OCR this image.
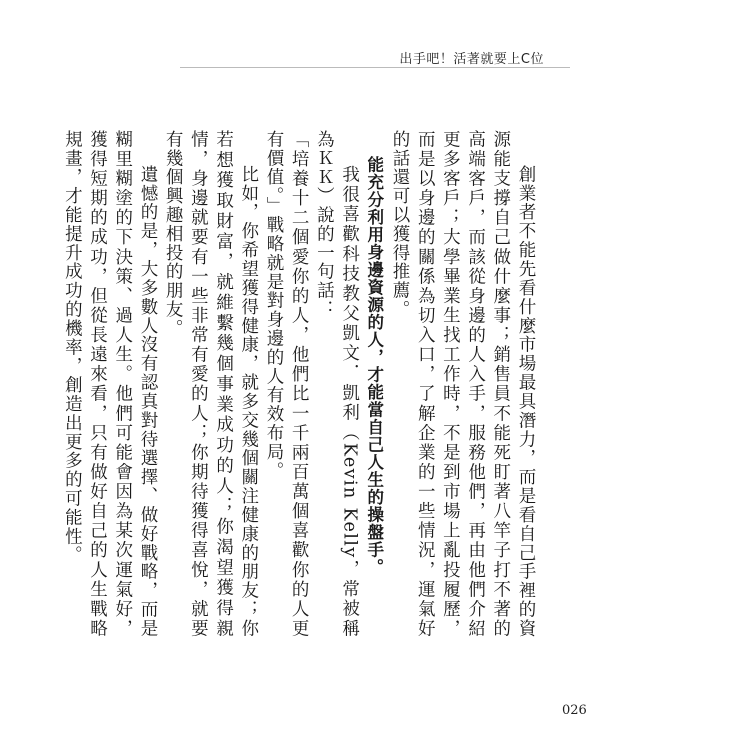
出手吧！活著就要上C位

創業者不能先看什麼市場最具潛力，而是看自己手裡的資源能支撐自己做什麼事；銷售員不能死盯著八竿子打不著的高端客戶，而該從身邊的人入手，服務他們，再由他們介紹更多客戶；大學畢業生找工作時，不是到市場上亂投履歷，而是以身邊的關係為切入口，了解企業的一些情況，運氣好的話還可以獲得推薦。

能充分利用身邊資源的人，才能當自己人生的操盤手。

我很喜歡科技教父凱文．凱利（Kevin Kelly，常被稱為ＫＫ）說的一句話：

「培養十二個愛你的人，他們比一千兩百萬個喜歡你的人更有價值。」戰略就是對身邊的人有效布局。

比如，你希望獲得健康，就多交幾個關注健康的朋友；你若想獲取財富，就維繫幾個事業成功的人；你渴望獲得親情，身邊就要有一些非常有愛的人；你期待獲得喜悅，就要有幾個興趣相投的朋友。

遺憾的是，大多數人沒有認真對待選擇、做好戰略，而是糊里糊塗的下決策、過人生。他們可能會因為某次運氣好，獲得短期的成功，但從長遠來看，只有做好自己的人生戰略規畫，才能提升成功的機率，創造出更多的可能性。

026
